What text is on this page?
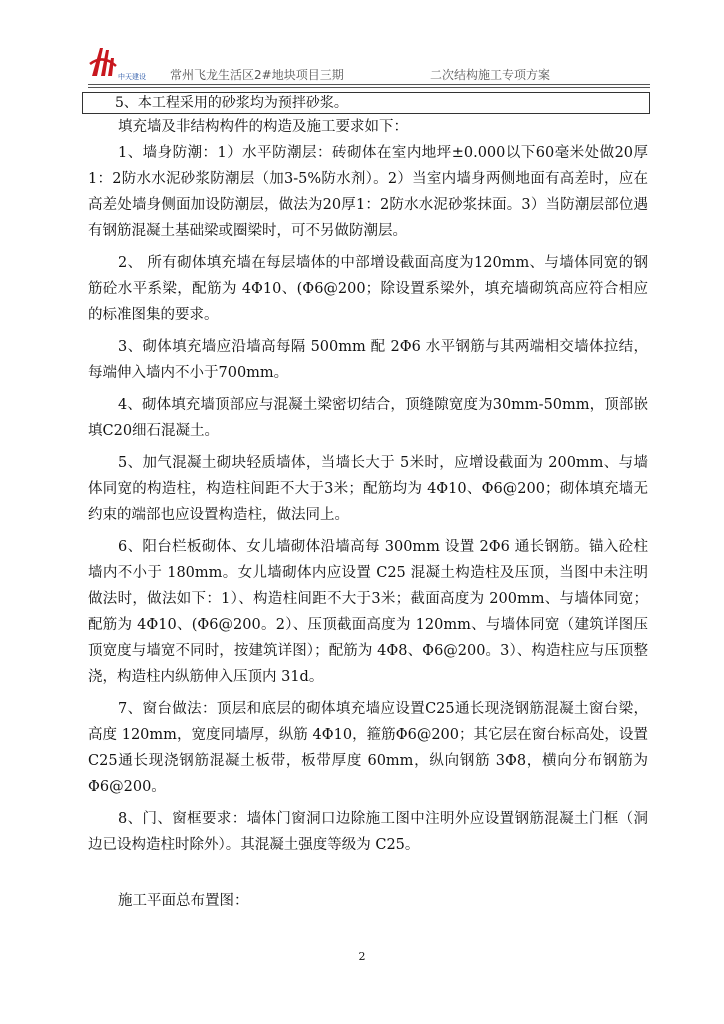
中天建设 常州飞龙生活区2#地块项目三期	二次结构施工专项方案
5、本工程采用的砂浆均为预拌砂浆。

填充墙及非结构构件的构造及施工要求如下：

1、墙身防潮：1）水平防潮层：砖砌体在室内地坪±0.000以下60毫米处做20厚1：2防水水泥砂浆防潮层（加3-5%防水剂）。2）当室内墙身两侧地面有高差时，应在高差处墙身侧面加设防潮层，做法为20厚1：2防水水泥砂浆抹面。3）当防潮层部位遇有钢筋混凝土基础梁或圈梁时，可不另做防潮层。

2、 所有砌体填充墙在每层墙体的中部增设截面高度为120mm、与墙体同宽的钢筋砼水平系梁，配筋为 4Φ10、(Φ6@200；除设置系梁外，填充墙砌筑高应符合相应的标准图集的要求。

3、砌体填充墙应沿墙高每隔 500mm 配 2Φ6 水平钢筋与其两端相交墙体拉结，每端伸入墙内不小于700mm。

4、砌体填充墙顶部应与混凝土梁密切结合，顶缝隙宽度为30mm-50mm，顶部嵌填C20细石混凝土。

5、加气混凝土砌块轻质墙体，当墙长大于 5米时，应增设截面为 200mm、与墙体同宽的构造柱，构造柱间距不大于3米；配筋均为 4Φ10、Φ6@200；砌体填充墙无约束的端部也应设置构造柱，做法同上。

6、阳台栏板砌体、女儿墙砌体沿墙高每 300mm 设置 2Φ6 通长钢筋。锚入砼柱墙内不小于 180mm。女儿墙砌体内应设置 C25 混凝土构造柱及压顶，当图中未注明做法时，做法如下：1）、构造柱间距不大于3米；截面高度为 200mm、与墙体同宽；配筋为 4Φ10、(Φ6@200。2）、压顶截面高度为 120mm、与墙体同宽（建筑详图压顶宽度与墙宽不同时，按建筑详图）；配筋为 4Φ8、Φ6@200。3）、构造柱应与压顶整浇，构造柱内纵筋伸入压顶内 31d。

7、窗台做法：顶层和底层的砌体填充墙应设置C25通长现浇钢筋混凝土窗台梁，高度 120mm，宽度同墙厚，纵筋 4Φ10，箍筋Φ6@200；其它层在窗台标高处，设置 C25通长现浇钢筋混凝土板带，板带厚度 60mm，纵向钢筋 3Φ8，横向分布钢筋为Φ6@200。

8、门、窗框要求：墙体门窗洞口边除施工图中注明外应设置钢筋混凝土门框（洞边已设构造柱时除外）。其混凝土强度等级为 C25。

施工平面总布置图：

2
